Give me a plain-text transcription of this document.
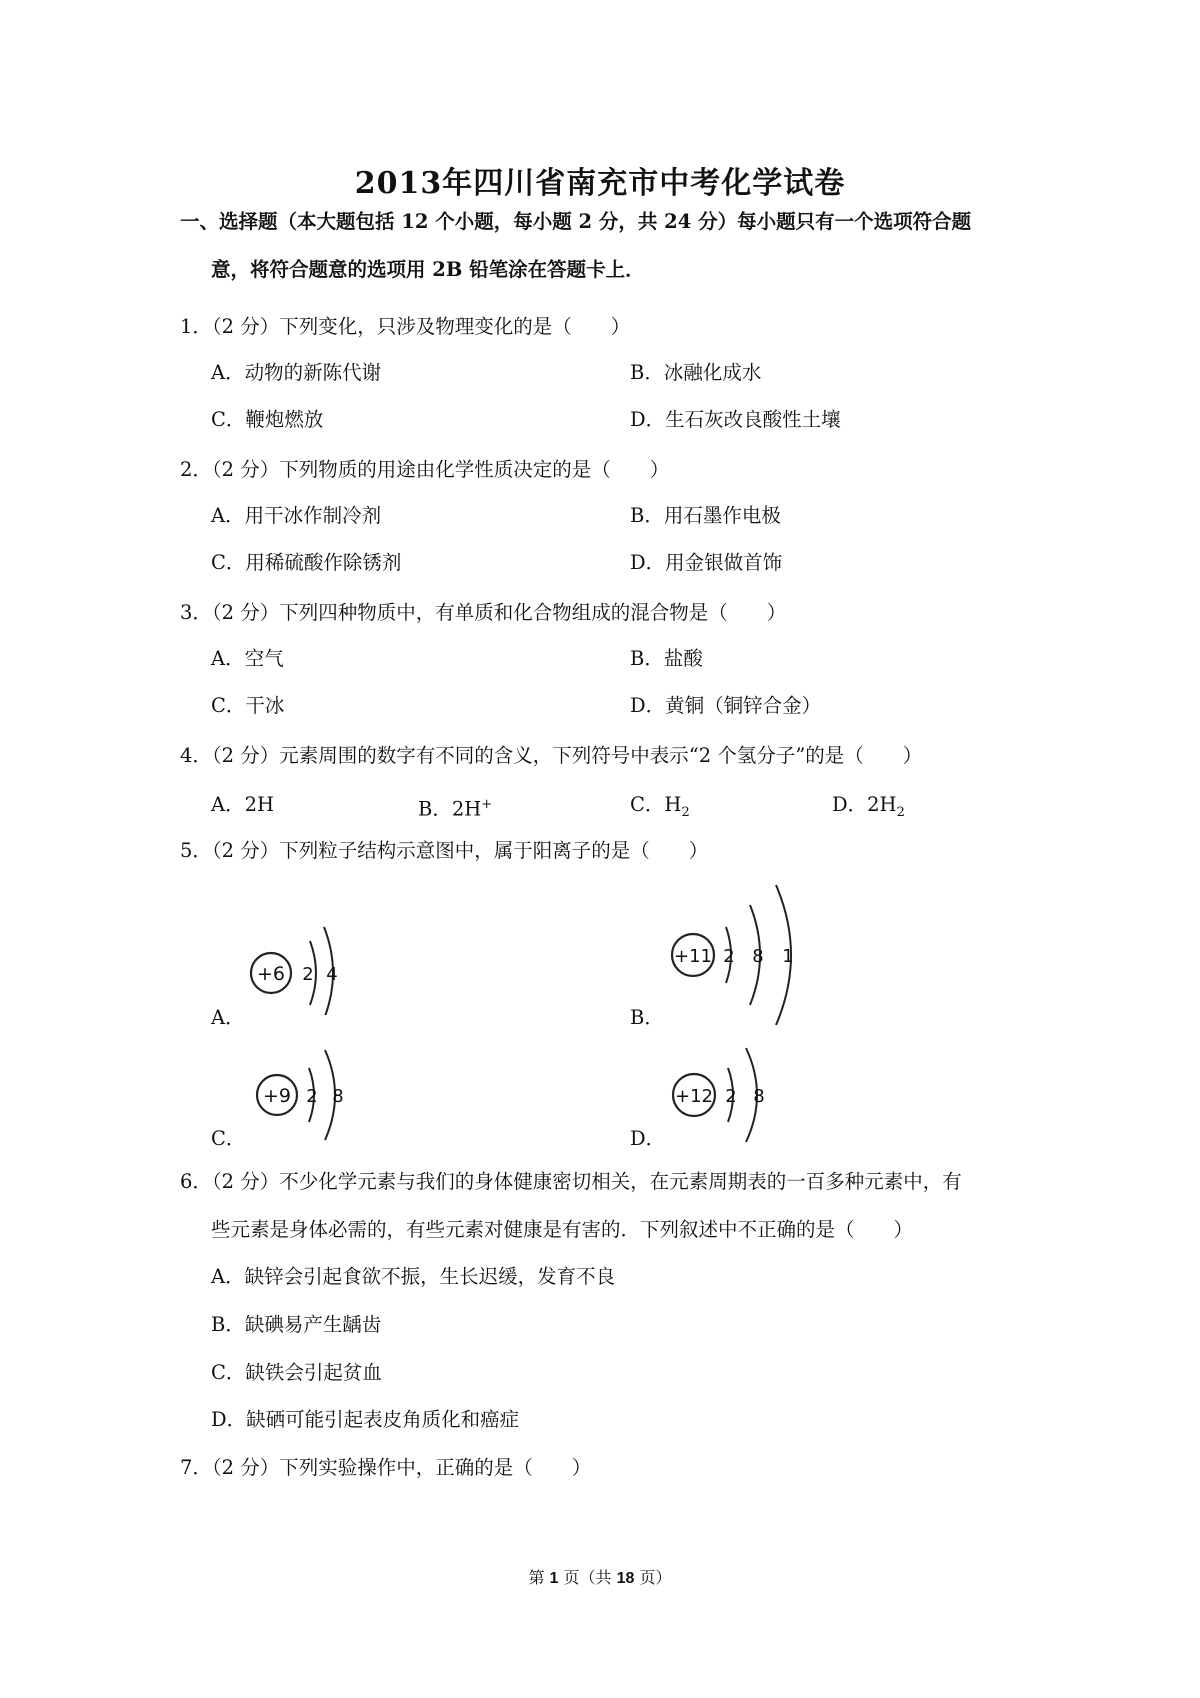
2013年四川省南充市中考化学试卷
一、选择题（本大题包括 12 个小题，每小题 2 分，共 24 分）每小题只有一个选项符合题
意，将符合题意的选项用 2B 铅笔涂在答题卡上．
1．（2 分）下列变化，只涉及物理变化的是（　　）
A．动物的新陈代谢	B．冰融化成水
C．鞭炮燃放	D．生石灰改良酸性土壤
2．（2 分）下列物质的用途由化学性质决定的是（　　）
A．用干冰作制冷剂	B．用石墨作电极
C．用稀硫酸作除锈剂	D．用金银做首饰
3．（2 分）下列四种物质中，有单质和化合物组成的混合物是（　　）
A．空气	B．盐酸
C．干冰	D．黄铜（铜锌合金）
4．（2 分）元素周围的数字有不同的含义，下列符号中表示“2 个氢分子”的是（　　）
A．2H	B．2H+	C．$H_2$	D．$2H_2$
5．（2 分）下列粒子结构示意图中，属于阳离子的是（　　）
A．
+6 2 4
B．
+11 2 8 1
C．
+9 2 8
D．
+12 2 8
6．（2 分）不少化学元素与我们的身体健康密切相关，在元素周期表的一百多种元素中，有
些元素是身体必需的，有些元素对健康是有害的．下列叙述中不正确的是（　　）
A．缺锌会引起食欲不振，生长迟缓，发育不良
B．缺碘易产生龋齿
C．缺铁会引起贫血
D．缺硒可能引起表皮角质化和癌症
7．（2 分）下列实验操作中，正确的是（　　）
第 1 页（共 18 页）
